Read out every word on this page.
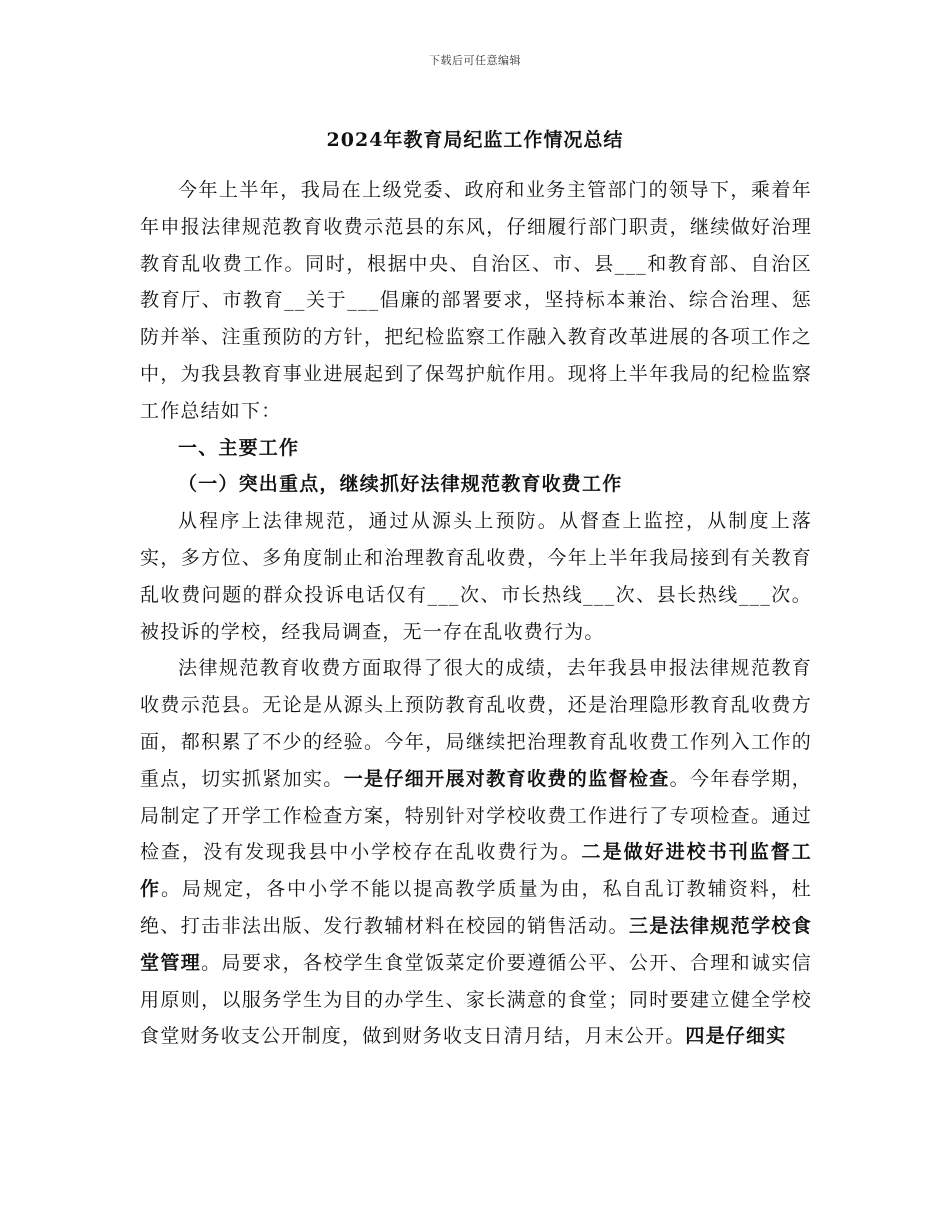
下载后可任意编辑
2024年教育局纪监工作情况总结

今年上半年，我局在上级党委、政府和业务主管部门的领导下，乘着年年申报法律规范教育收费示范县的东风，仔细履行部门职责，继续做好治理教育乱收费工作。同时，根据中央、自治区、市、县___和教育部、自治区教育厅、市教育__关于___倡廉的部署要求，坚持标本兼治、综合治理、惩防并举、注重预防的方针，把纪检监察工作融入教育改革进展的各项工作之中，为我县教育事业进展起到了保驾护航作用。现将上半年我局的纪检监察工作总结如下：

一、主要工作

（一）突出重点，继续抓好法律规范教育收费工作

从程序上法律规范，通过从源头上预防。从督查上监控，从制度上落实，多方位、多角度制止和治理教育乱收费，今年上半年我局接到有关教育乱收费问题的群众投诉电话仅有___次、市长热线___次、县长热线___次。被投诉的学校，经我局调查，无一存在乱收费行为。

法律规范教育收费方面取得了很大的成绩，去年我县申报法律规范教育收费示范县。无论是从源头上预防教育乱收费，还是治理隐形教育乱收费方面，都积累了不少的经验。今年，局继续把治理教育乱收费工作列入工作的重点，切实抓紧加实。一是仔细开展对教育收费的监督检查。今年春学期，局制定了开学工作检查方案，特别针对学校收费工作进行了专项检查。通过检查，没有发现我县中小学校存在乱收费行为。二是做好进校书刊监督工作。局规定，各中小学不能以提高教学质量为由，私自乱订教辅资料，杜绝、打击非法出版、发行教辅材料在校园的销售活动。三是法律规范学校食堂管理。局要求，各校学生食堂饭菜定价要遵循公平、公开、合理和诚实信用原则，以服务学生为目的办学生、家长满意的食堂；同时要建立健全学校食堂财务收支公开制度，做到财务收支日清月结，月末公开。四是仔细实
